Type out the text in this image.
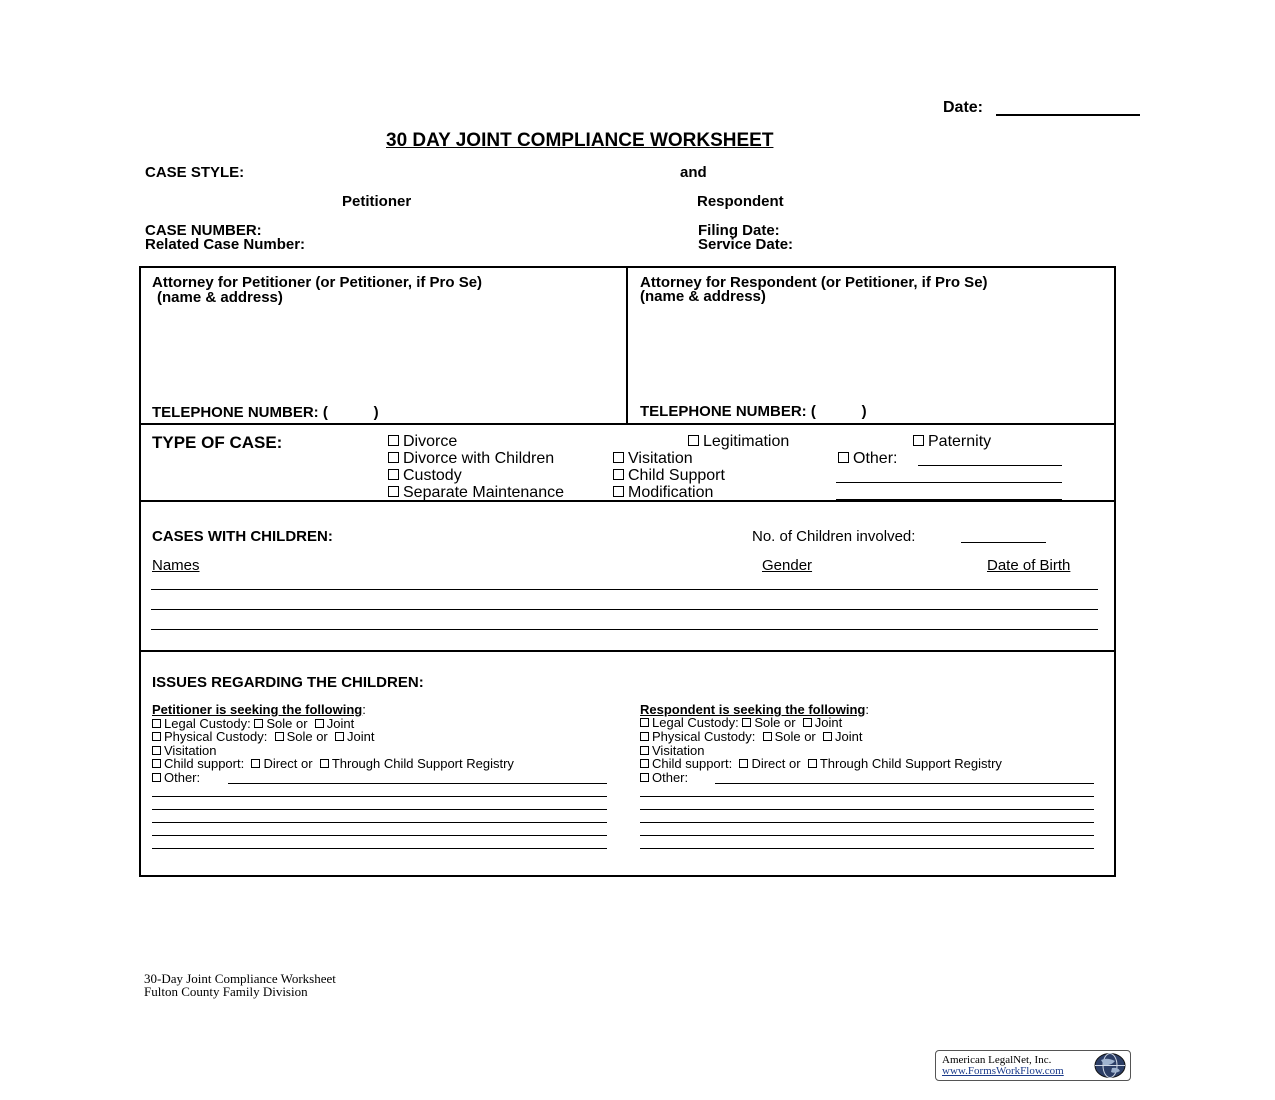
Date:
30 DAY JOINT COMPLIANCE WORKSHEET
CASE STYLE:	and
Petitioner	Respondent
CASE NUMBER:
Related Case Number:
Filing Date:
Service Date:
Attorney for Petitioner (or Petitioner, if Pro Se)
(name & address)
Attorney for Respondent (or Petitioner, if Pro Se)
(name & address)
TELEPHONE NUMBER: (           )	TELEPHONE NUMBER: (           )
TYPE OF CASE:	Divorce	Legitimation	Paternity
Divorce with Children	Visitation	Other:
Custody	Child Support
Separate Maintenance	Modification
CASES WITH CHILDREN:	No. of Children involved:
Names	Gender	Date of Birth
ISSUES REGARDING THE CHILDREN:
Petitioner is seeking the following:
Legal Custody: Sole or Joint
Physical Custody: Sole or Joint
Visitation
Child support: Direct or Through Child Support Registry
Other:
Respondent is seeking the following:
Legal Custody: Sole or Joint
Physical Custody: Sole or Joint
Visitation
Child support: Direct or Through Child Support Registry
Other:
30-Day Joint Compliance Worksheet
Fulton County Family Division
American LegalNet, Inc.
www.FormsWorkFlow.com
